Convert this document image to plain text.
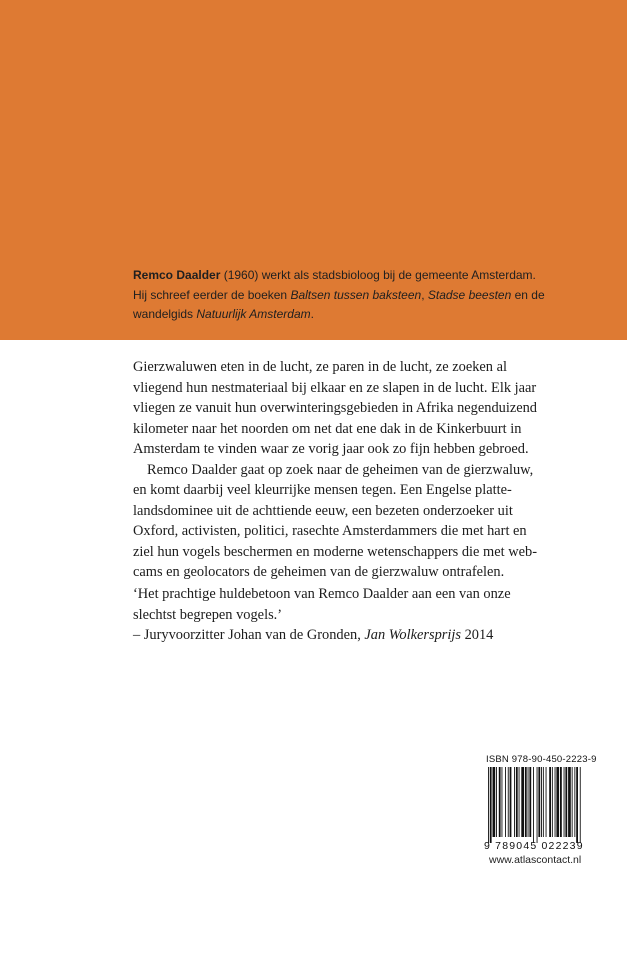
Remco Daalder (1960) werkt als stadsbioloog bij de gemeente Amsterdam.
Hij schreef eerder de boeken Baltsen tussen baksteen, Stadse beesten en de
wandelgids Natuurlijk Amsterdam.

Gierzwaluwen eten in de lucht, ze paren in de lucht, ze zoeken al
vliegend hun nestmateriaal bij elkaar en ze slapen in de lucht. Elk jaar
vliegen ze vanuit hun overwinteringsgebieden in Afrika negenduizend
kilometer naar het noorden om net dat ene dak in de Kinkerbuurt in
Amsterdam te vinden waar ze vorig jaar ook zo fijn hebben gebroed.
Remco Daalder gaat op zoek naar de geheimen van de gierzwaluw,
en komt daarbij veel kleurrijke mensen tegen. Een Engelse platte-
landsdominee uit de achttiende eeuw, een bezeten onderzoeker uit
Oxford, activisten, politici, rasechte Amsterdammers die met hart en
ziel hun vogels beschermen en moderne wetenschappers die met web-
cams en geolocators de geheimen van de gierzwaluw ontrafelen.
‘Het prachtige huldebetoon van Remco Daalder aan een van onze
slechtst begrepen vogels.’
– Juryvoorzitter Johan van de Gronden, Jan Wolkersprijs 2014
ISBN 978-90-450-2223-9
9 789045 022239
www.atlascontact.nl
